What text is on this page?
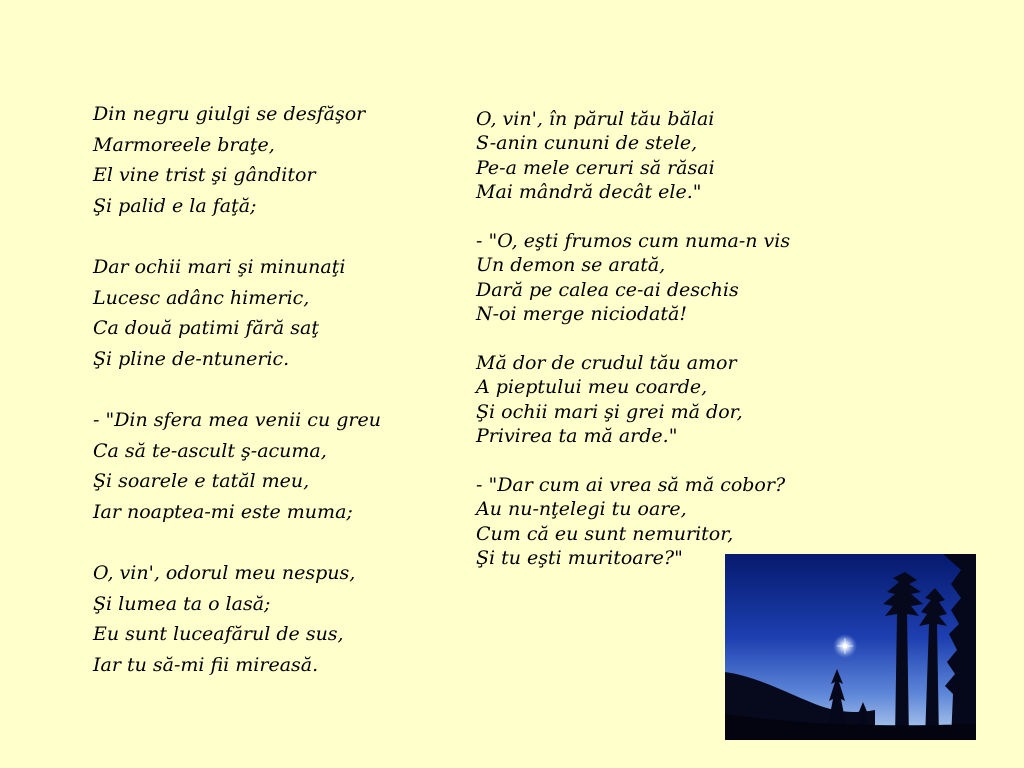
Din negru giulgi se desfăşor
Marmoreele braţe,
El vine trist şi gânditor
Şi palid e la faţă;
Dar ochii mari şi minunaţi
Lucesc adânc himeric,
Ca două patimi fără saţ
Şi pline de-ntuneric.
- "Din sfera mea venii cu greu
Ca să te-ascult ş-acuma,
Şi soarele e tatăl meu,
Iar noaptea-mi este muma;
O, vin', odorul meu nespus,
Şi lumea ta o lasă;
Eu sunt luceafărul de sus,
Iar tu să-mi fii mireasă.
O, vin', în părul tău bălai
S-anin cununi de stele,
Pe-a mele ceruri să răsai
Mai mândră decât ele."
- "O, eşti frumos cum numa-n vis
Un demon se arată,
Dară pe calea ce-ai deschis
N-oi merge niciodată!
Mă dor de crudul tău amor
A pieptului meu coarde,
Şi ochii mari şi grei mă dor,
Privirea ta mă arde."
- "Dar cum ai vrea să mă cobor?
Au nu-nţelegi tu oare,
Cum că eu sunt nemuritor,
Şi tu eşti muritoare?"
